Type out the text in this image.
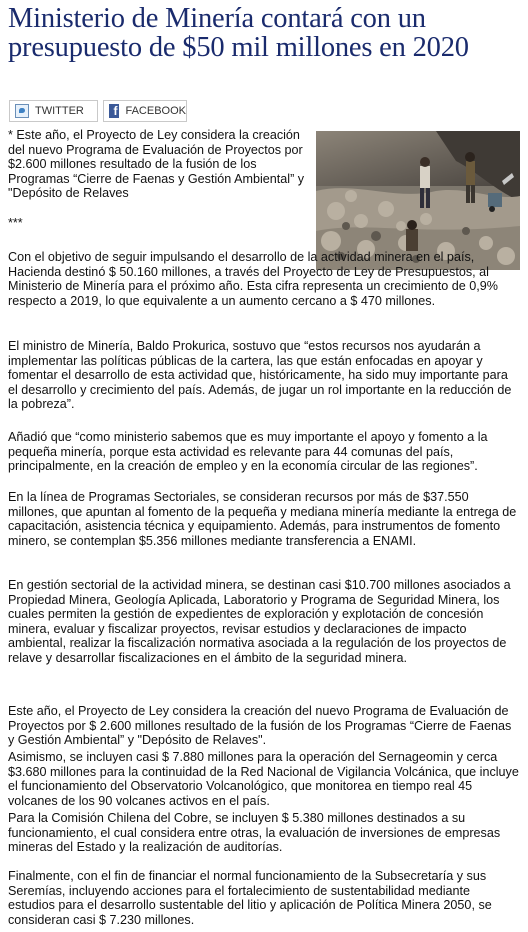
Ministerio de Minería contará con un presupuesto de $50 mil millones en 2020
TWITTER	f FACEBOOK

* Este año, el Proyecto de Ley considera la creación del nuevo Programa de Evaluación de Proyectos por $2.600 millones resultado de la fusión de los Programas “Cierre de Faenas y Gestión Ambiental” y "Depósito de Relaves

***

Con el objetivo de seguir impulsando el desarrollo de la actividad minera en el país, Hacienda destinó $ 50.160 millones, a través del Proyecto de Ley de Presupuestos, al Ministerio de Minería para el próximo año. Esta cifra representa un crecimiento de 0,9% respecto a 2019, lo que equivalente a un aumento cercano a $ 470 millones.

El ministro de Minería, Baldo Prokurica, sostuvo que “estos recursos nos ayudarán a implementar las políticas públicas de la cartera, las que están enfocadas en apoyar y fomentar el desarrollo de esta actividad que, históricamente, ha sido muy importante para el desarrollo y crecimiento del país. Además, de jugar un rol importante en la reducción de la pobreza”.

Añadió que “como ministerio sabemos que es muy importante el apoyo y fomento a la pequeña minería, porque esta actividad es relevante para 44 comunas del país, principalmente, en la creación de empleo y en la economía circular de las regiones”.

En la línea de Programas Sectoriales, se consideran recursos por más de $37.550 millones, que apuntan al fomento de la pequeña y mediana minería mediante la entrega de capacitación, asistencia técnica y equipamiento. Además, para instrumentos de fomento minero, se contemplan $5.356 millones mediante transferencia a ENAMI.

En gestión sectorial de la actividad minera, se destinan casi $10.700 millones asociados a Propiedad Minera, Geología Aplicada, Laboratorio y Programa de Seguridad Minera, los cuales permiten la gestión de expedientes de exploración y explotación de concesión minera, evaluar y fiscalizar proyectos, revisar estudios y declaraciones de impacto ambiental, realizar la fiscalización normativa asociada a la regulación de los proyectos de relave y desarrollar fiscalizaciones en el ámbito de la seguridad minera.

Este año, el Proyecto de Ley considera la creación del nuevo Programa de Evaluación de Proyectos por $ 2.600 millones resultado de la fusión de los Programas “Cierre de Faenas y Gestión Ambiental” y "Depósito de Relaves".

Asimismo, se incluyen casi $ 7.880 millones para la operación del Sernageomin y cerca $3.680 millones para la continuidad de la Red Nacional de Vigilancia Volcánica, que incluye el funcionamiento del Observatorio Volcanológico, que monitorea en tiempo real 45 volcanes de los 90 volcanes activos en el país.

Para la Comisión Chilena del Cobre, se incluyen $ 5.380 millones destinados a su funcionamiento, el cual considera entre otras, la evaluación de inversiones de empresas mineras del Estado y la realización de auditorías.

Finalmente, con el fin de financiar el normal funcionamiento de la Subsecretaría y sus Seremías, incluyendo acciones para el fortalecimiento de sustentabilidad mediante estudios para el desarrollo sustentable del litio y aplicación de Política Minera 2050, se consideran casi $ 7.230 millones.
